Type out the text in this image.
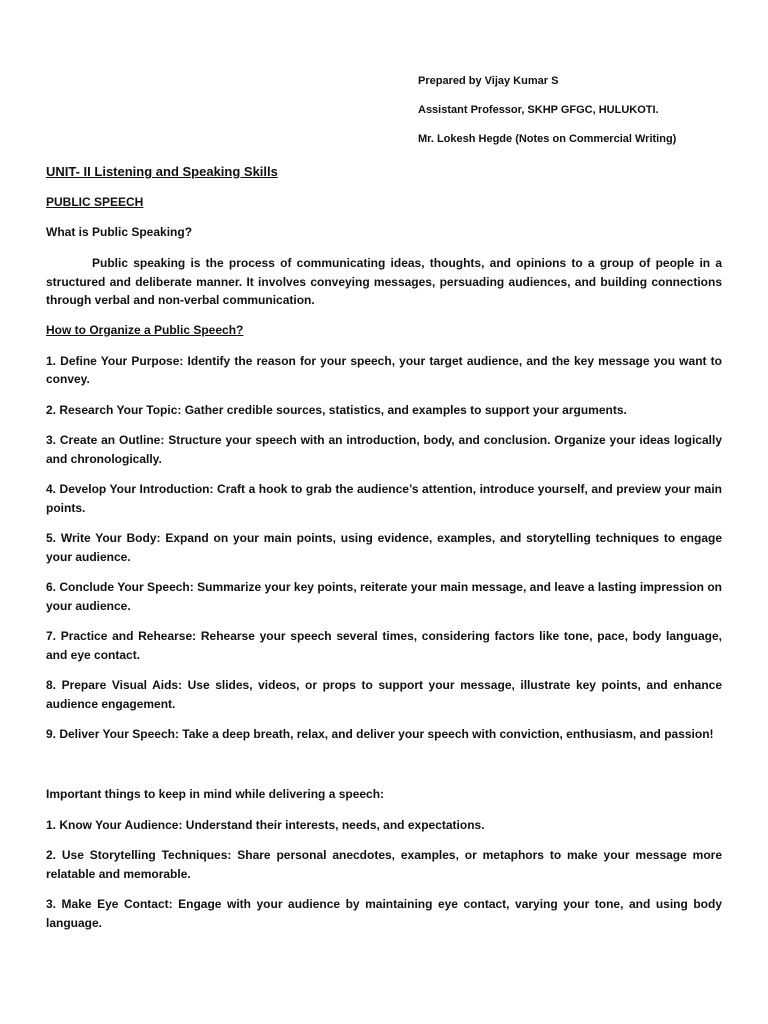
Prepared by Vijay Kumar S
Assistant Professor, SKHP GFGC, HULUKOTI.
Mr. Lokesh Hegde (Notes on Commercial Writing)
UNIT- II Listening and Speaking Skills
PUBLIC SPEECH
What is Public Speaking?
Public speaking is the process of communicating ideas, thoughts, and opinions to a group of people in a structured and deliberate manner. It involves conveying messages, persuading audiences, and building connections through verbal and non-verbal communication.
How to Organize a Public Speech?
1. Define Your Purpose: Identify the reason for your speech, your target audience, and the key message you want to convey.
2. Research Your Topic: Gather credible sources, statistics, and examples to support your arguments.
3. Create an Outline: Structure your speech with an introduction, body, and conclusion. Organize your ideas logically and chronologically.
4. Develop Your Introduction: Craft a hook to grab the audience’s attention, introduce yourself, and preview your main points.
5. Write Your Body: Expand on your main points, using evidence, examples, and storytelling techniques to engage your audience.
6. Conclude Your Speech: Summarize your key points, reiterate your main message, and leave a lasting impression on your audience.
7. Practice and Rehearse: Rehearse your speech several times, considering factors like tone, pace, body language, and eye contact.
8. Prepare Visual Aids: Use slides, videos, or props to support your message, illustrate key points, and enhance audience engagement.
9. Deliver Your Speech: Take a deep breath, relax, and deliver your speech with conviction, enthusiasm, and passion!
Important things to keep in mind while delivering a speech:
1. Know Your Audience: Understand their interests, needs, and expectations.
2. Use Storytelling Techniques: Share personal anecdotes, examples, or metaphors to make your message more relatable and memorable.
3. Make Eye Contact: Engage with your audience by maintaining eye contact, varying your tone, and using body language.
